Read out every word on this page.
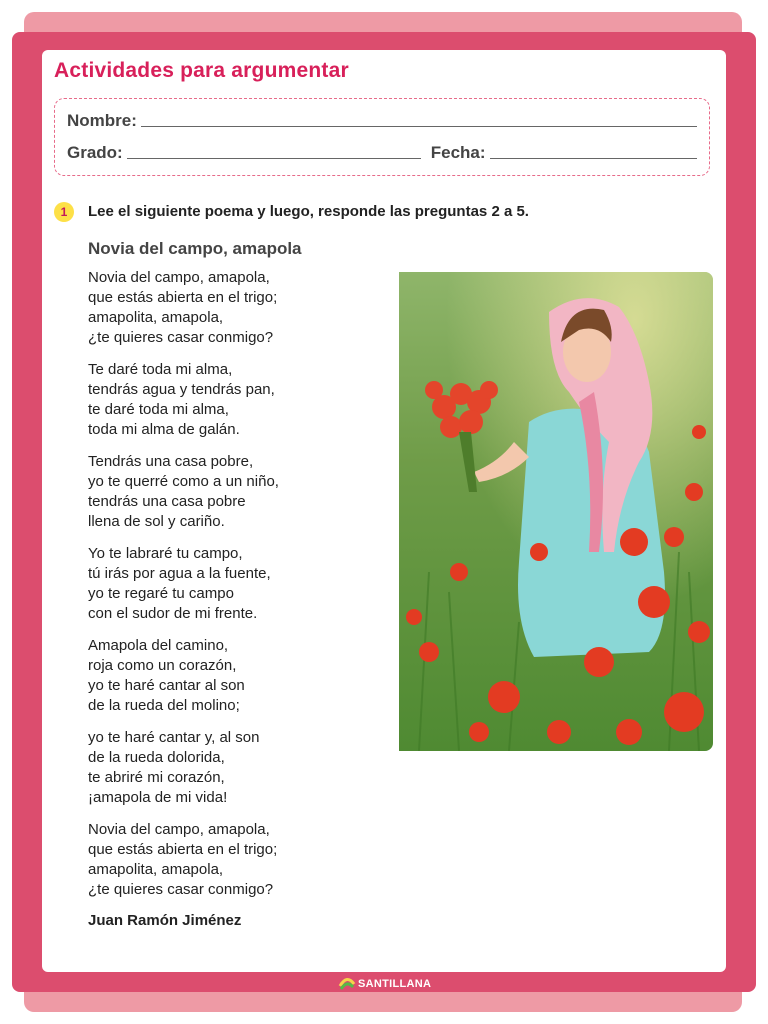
Actividades para argumentar
Nombre:
Grado:	Fecha:
1	Lee el siguiente poema y luego, responde las preguntas 2 a 5.
Novia del campo, amapola
Novia del campo, amapola,
que estás abierta en el trigo;
amapolita, amapola,
¿te quieres casar conmigo?
Te daré toda mi alma,
tendrás agua y tendrás pan,
te daré toda mi alma,
toda mi alma de galán.
Tendrás una casa pobre,
yo te querré como a un niño,
tendrás una casa pobre
llena de sol y cariño.
Yo te labraré tu campo,
tú irás por agua a la fuente,
yo te regaré tu campo
con el sudor de mi frente.
Amapola del camino,
roja como un corazón,
yo te haré cantar al son
de la rueda del molino;
yo te haré cantar y, al son
de la rueda dolorida,
te abriré mi corazón,
¡amapola de mi vida!
Novia del campo, amapola,
que estás abierta en el trigo;
amapolita, amapola,
¿te quieres casar conmigo?
Juan Ramón Jiménez
SANTILLANA
